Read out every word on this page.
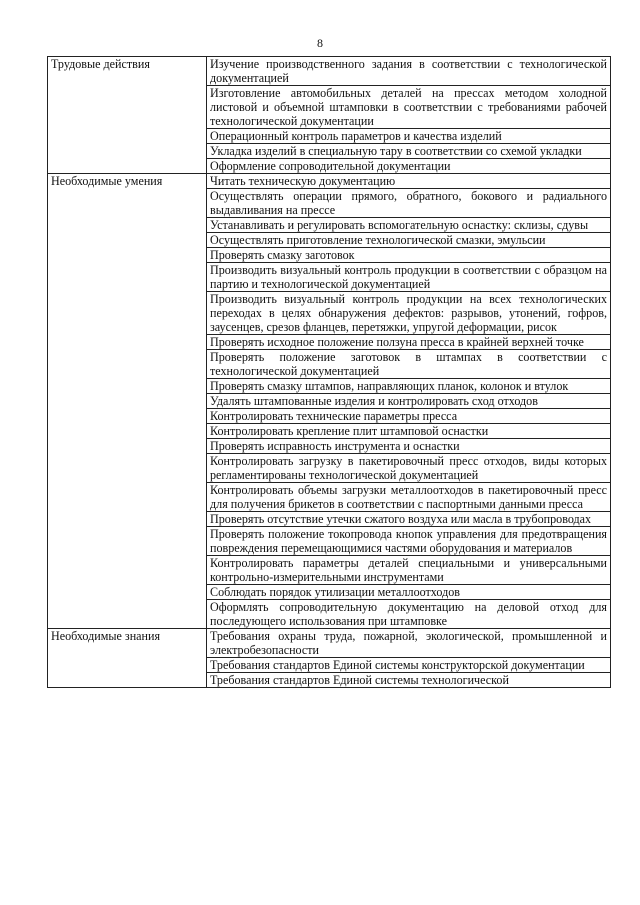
8
Трудовые действия	Изучение производственного задания в соответствии с технологической документацией
	Изготовление автомобильных деталей на прессах методом холодной листовой и объемной штамповки в соответствии с требованиями рабочей технологической документации
	Операционный контроль параметров и качества изделий
	Укладка изделий в специальную тару в соответствии со схемой укладки
	Оформление сопроводительной документации
Необходимые умения	Читать техническую документацию
	Осуществлять операции прямого, обратного, бокового и радиального выдавливания на прессе
	Устанавливать и регулировать вспомогательную оснастку: склизы, сдувы
	Осуществлять приготовление технологической смазки, эмульсии
	Проверять смазку заготовок
	Производить визуальный контроль продукции в соответствии с образцом на партию и технологической документацией
	Производить визуальный контроль продукции на всех технологических переходах в целях обнаружения дефектов: разрывов, утонений, гофров, заусенцев, срезов фланцев, перетяжки, упругой деформации, рисок
	Проверять исходное положение ползуна пресса в крайней верхней точке
	Проверять положение заготовок в штампах в соответствии с технологической документацией
	Проверять смазку штампов, направляющих планок, колонок и втулок
	Удалять штампованные изделия и контролировать сход отходов
	Контролировать технические параметры пресса
	Контролировать крепление плит штамповой оснастки
	Проверять исправность инструмента и оснастки
	Контролировать загрузку в пакетировочный пресс отходов, виды которых регламентированы технологической документацией
	Контролировать объемы загрузки металлоотходов в пакетировочный пресс для получения брикетов в соответствии с паспортными данными пресса
	Проверять отсутствие утечки сжатого воздуха или масла в трубопроводах
	Проверять положение токопровода кнопок управления для предотвращения повреждения перемещающимися частями оборудования и материалов
	Контролировать параметры деталей специальными и универсальными контрольно-измерительными инструментами
	Соблюдать порядок утилизации металлоотходов
	Оформлять сопроводительную документацию на деловой отход для последующего использования при штамповке
Необходимые знания	Требования охраны труда, пожарной, экологической, промышленной и электробезопасности
	Требования стандартов Единой системы конструкторской документации
	Требования стандартов Единой системы технологической
